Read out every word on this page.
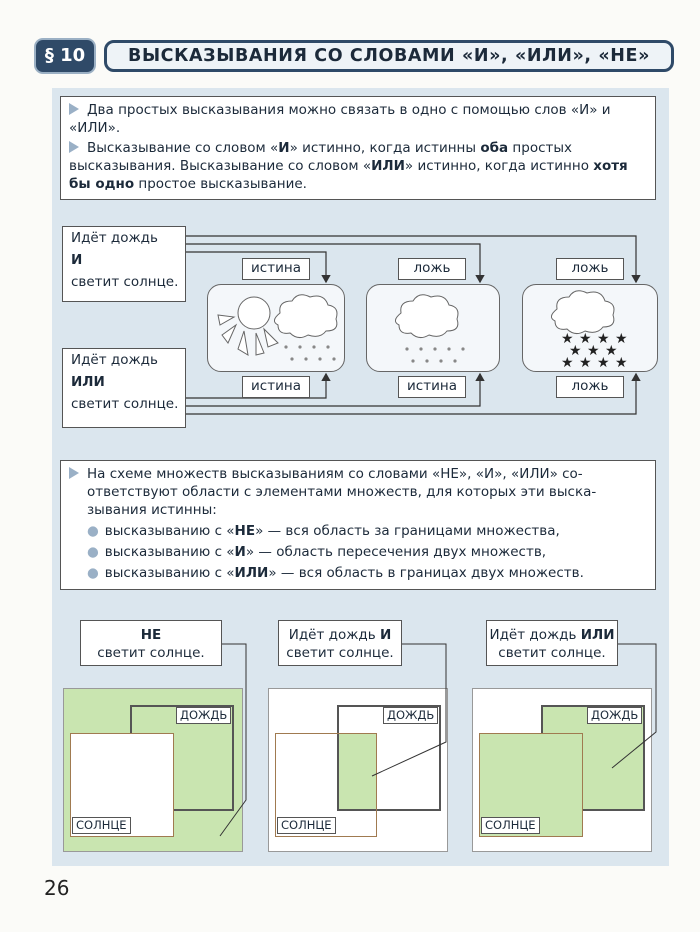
§ 10	ВЫСКАЗЫВАНИЯ СО СЛОВАМИ «И», «ИЛИ», «НЕ»
Два простых высказывания можно связать в одно с помощью слов «И» и «ИЛИ».
Высказывание со словом «И» истинно, когда истинны оба простых высказывания. Высказывание со словом «ИЛИ» истинно, когда истинно хотя бы одно простое высказывание.
Идёт дождь
И
светит солнце.
Идёт дождь
ИЛИ
светит солнце.
истина
истина
ложь
истина
ложь
★ ★ ★ ★
★ ★ ★
★ ★ ★ ★
ложь
На схеме множеств высказываниям со словами «НЕ», «И», «ИЛИ» со-
ответствуют области с элементами множеств, для которых эти выска-
зывания истинны:
● высказыванию с «НЕ» — вся область за границами множества,
● высказыванию с «И» — область пересечения двух множеств,
● высказыванию с «ИЛИ» — вся область в границах двух множеств.
НЕ
светит солнце.
ДОЖДЬ
СОЛНЦЕ
Идёт дождь И
светит солнце.
ДОЖДЬ
СОЛНЦЕ
Идёт дождь ИЛИ
светит солнце.
ДОЖДЬ
СОЛНЦЕ
26
